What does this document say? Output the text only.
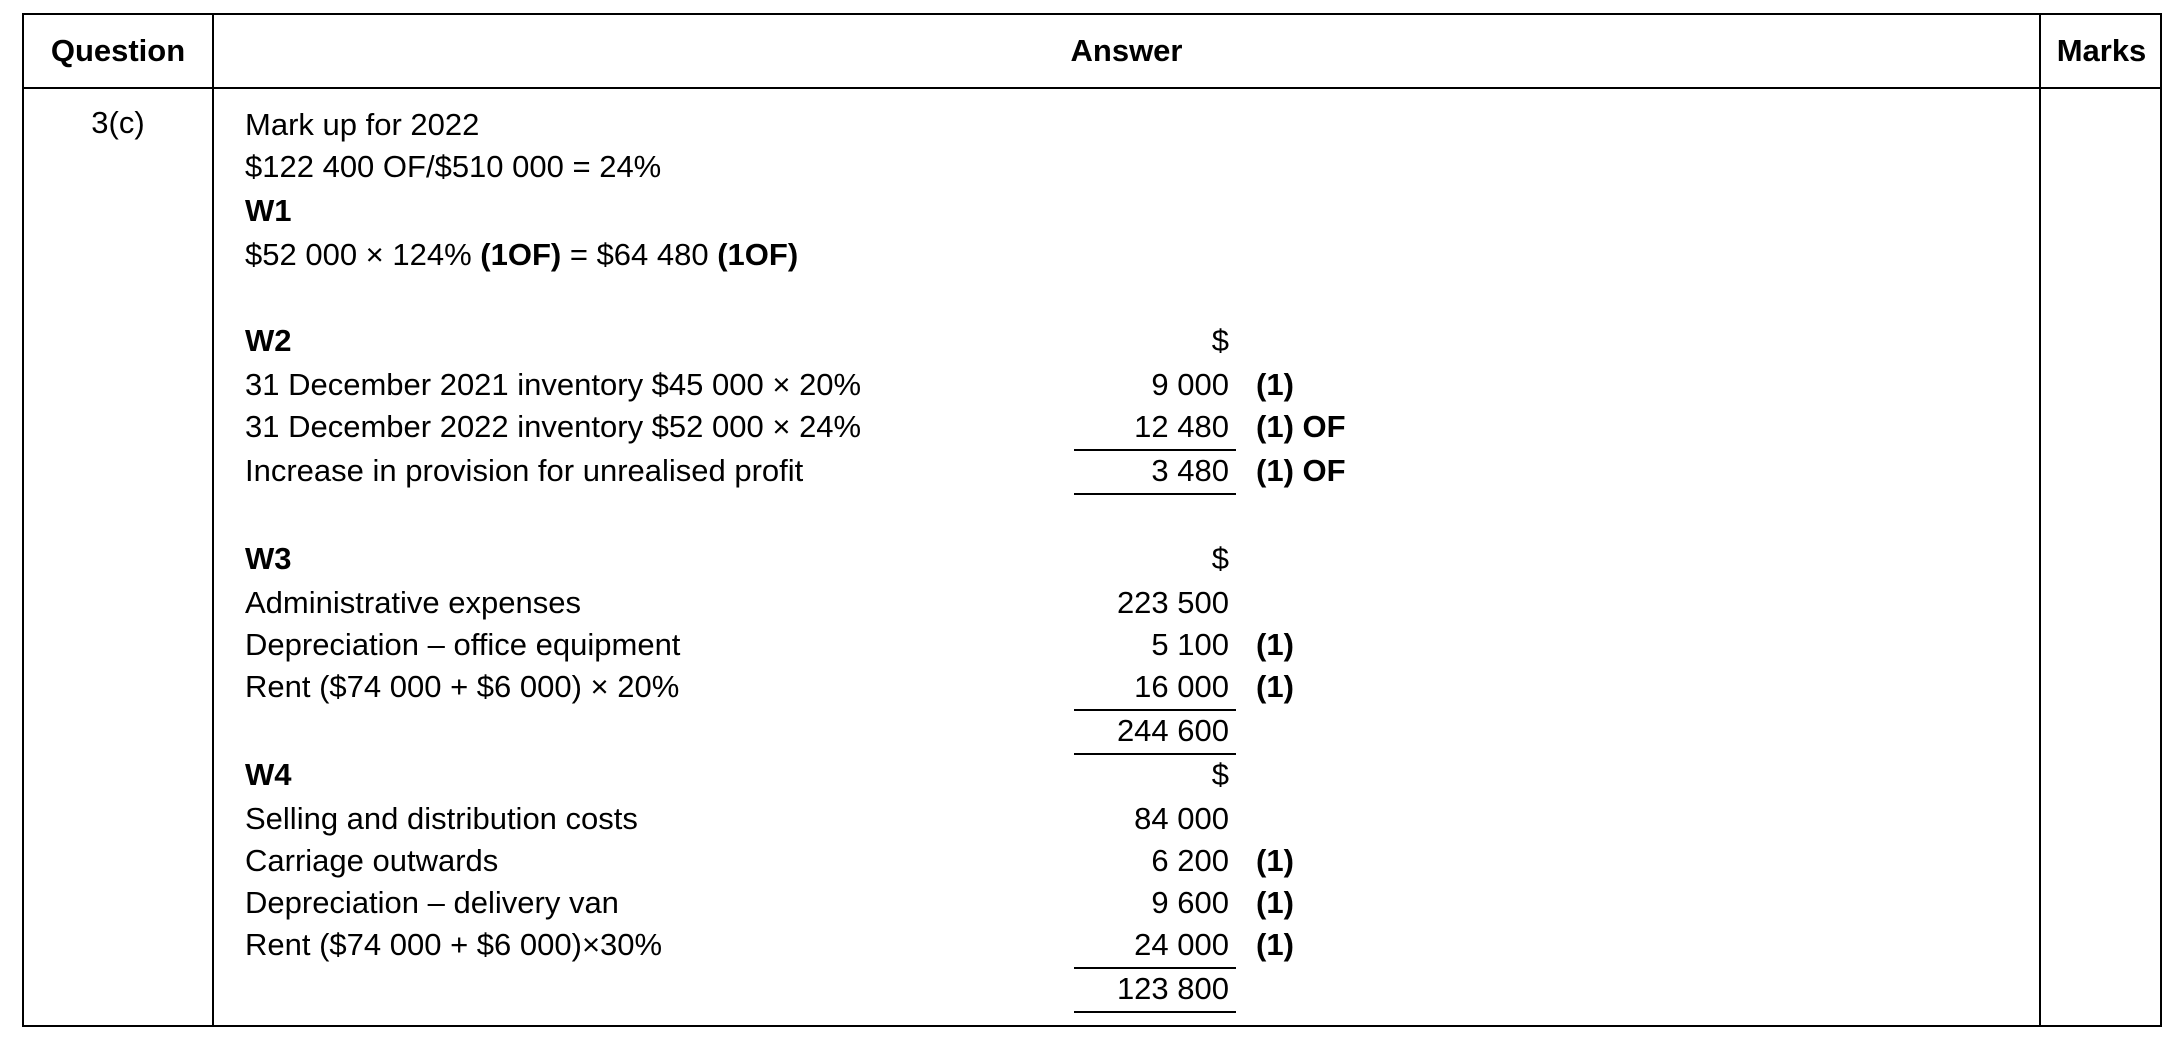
Question	Answer	Marks
3(c)	Mark up for 2022
$122 400 OF/$510 000 = 24%
W1
$52 000 × 124% (1OF) = $64 480 (1OF)
W2	$
31 December 2021 inventory $45 000 × 20%	9 000 (1)
31 December 2022 inventory $52 000 × 24%	12 480 (1) OF
Increase in provision for unrealised profit	3 480 (1) OF
W3	$
Administrative expenses	223 500
Depreciation – office equipment	5 100 (1)
Rent ($74 000 + $6 000) × 20%	16 000 (1)
244 600
W4	$
Selling and distribution costs	84 000
Carriage outwards	6 200 (1)
Depreciation – delivery van	9 600 (1)
Rent ($74 000 + $6 000)×30%	24 000 (1)
123 800
